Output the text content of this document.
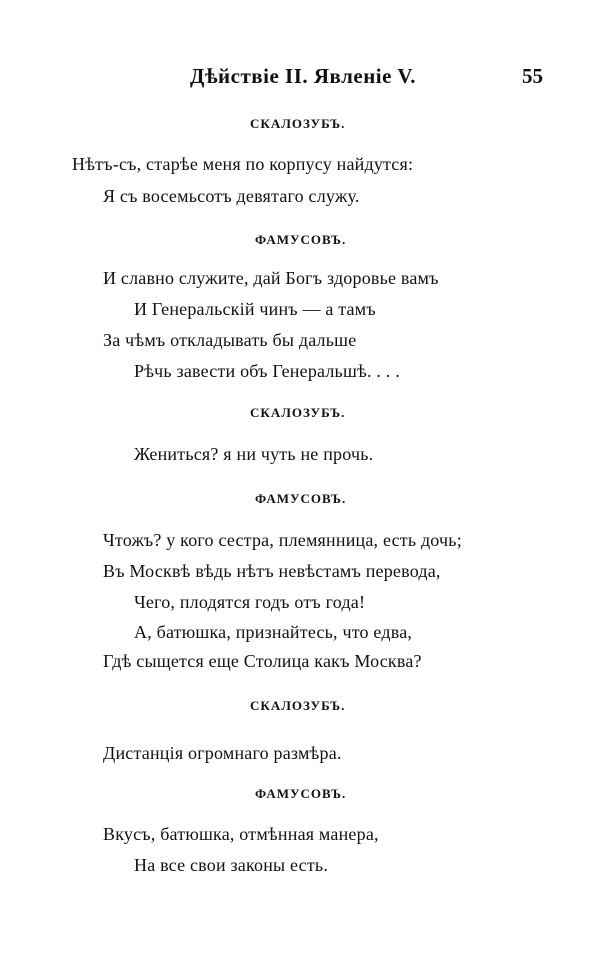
Дѣйствie II. Явленie V.	55
СКАЛОЗУБЪ.
Нѣтъ-съ, старѣе меня по корпусу найдутся:
Я съ восемьсотъ девятаго служу.
ФАМУСОВЪ.
И славно служите, дай Богъ здоровье вамъ
И Генеральскiй чинъ — а тамъ
За чѣмъ откладывать бы дальше
Рѣчь завести объ Генеральшѣ. . . .
СКАЛОЗУБЪ.
Жениться? я ни чуть не прочь.
ФАМУСОВЪ.
Чтожъ? у кого сестра, племянница, есть дочь;
Въ Москвѣ вѣдь нѣтъ невѣстамъ перевода,
Чего, плодятся годъ отъ года!
А, батюшка, признайтесь, что едва,
Гдѣ сыщется еще Столица какъ Москва?
СКАЛОЗУБЪ.
Дистанцiя огромнаго размѣра.
ФАМУСОВЪ.
Вкусъ, батюшка, отмѣнная манера,
На все свои законы есть.
